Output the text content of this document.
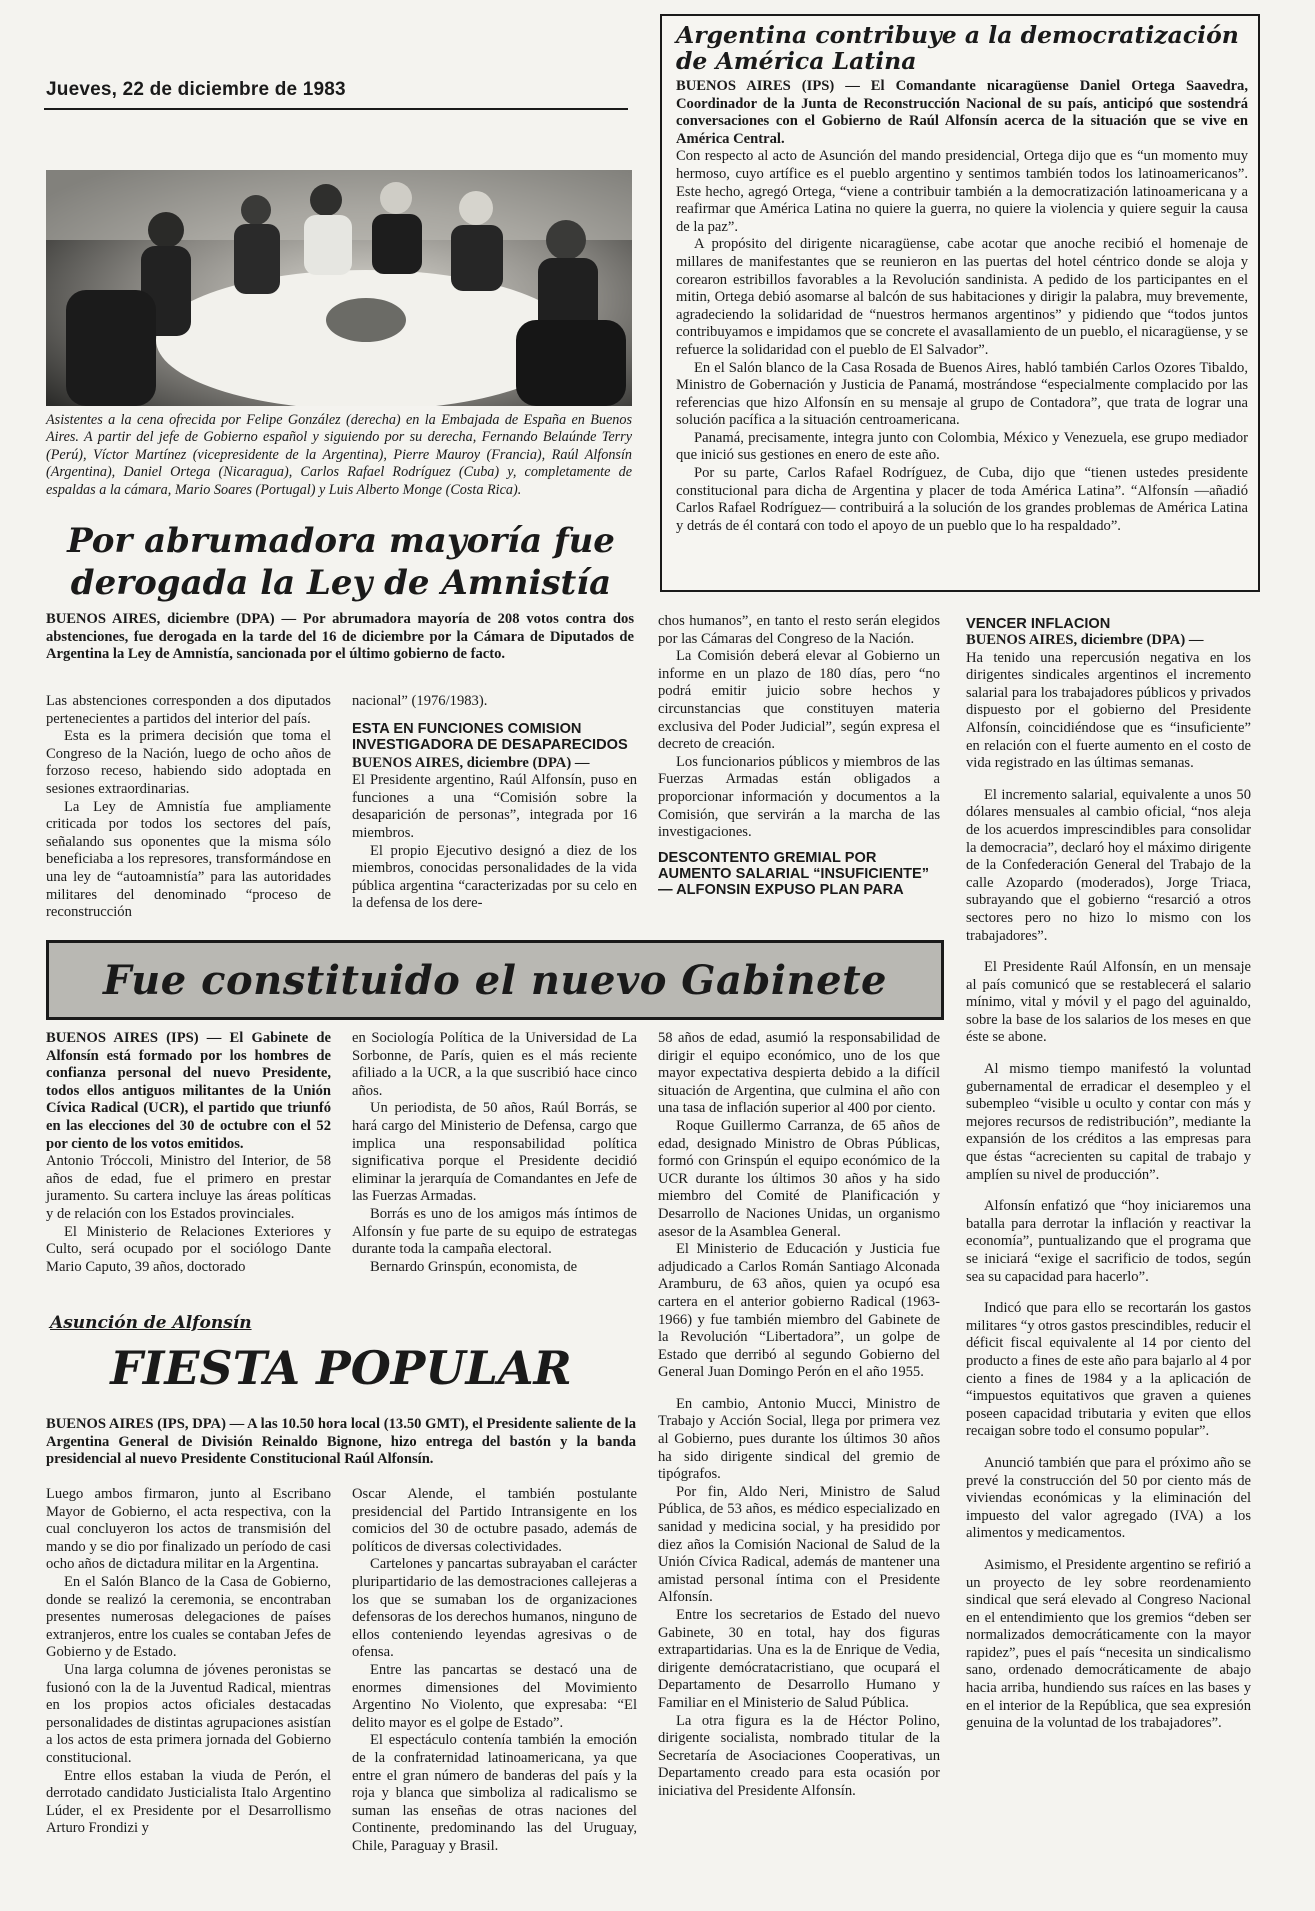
Jueves, 22 de diciembre de 1983
Asistentes a la cena ofrecida por Felipe González (derecha) en la Embajada de España en Buenos Aires. A partir del jefe de Gobierno español y siguiendo por su derecha, Fernando Belaúnde Terry (Perú), Víctor Martínez (vicepresidente de la Argentina), Pierre Mauroy (Francia), Raúl Alfonsín (Argentina), Daniel Ortega (Nicaragua), Carlos Rafael Rodríguez (Cuba) y, completamente de espaldas a la cámara, Mario Soares (Portugal) y Luis Alberto Monge (Costa Rica).
Argentina contribuye a la democratización de América Latina

BUENOS AIRES (IPS) — El Comandante nicaragüense Daniel Ortega Saavedra, Coordinador de la Junta de Reconstrucción Nacional de su país, anticipó que sostendrá conversaciones con el Gobierno de Raúl Alfonsín acerca de la situación que se vive en América Central.

Con respecto al acto de Asunción del mando presidencial, Ortega dijo que es “un momento muy hermoso, cuyo artífice es el pueblo argentino y sentimos también todos los latinoamericanos”. Este hecho, agregó Ortega, “viene a contribuir también a la democratización latinoamericana y a reafirmar que América Latina no quiere la guerra, no quiere la violencia y quiere seguir la causa de la paz”.

A propósito del dirigente nicaragüense, cabe acotar que anoche recibió el homenaje de millares de manifestantes que se reunieron en las puertas del hotel céntrico donde se aloja y corearon estribillos favorables a la Revolución sandinista. A pedido de los participantes en el mitin, Ortega debió asomarse al balcón de sus habitaciones y dirigir la palabra, muy brevemente, agradeciendo la solidaridad de “nuestros hermanos argentinos” y pidiendo que “todos juntos contribuyamos e impidamos que se concrete el avasallamiento de un pueblo, el nicaragüense, y se refuerce la solidaridad con el pueblo de El Salvador”.

En el Salón blanco de la Casa Rosada de Buenos Aires, habló también Carlos Ozores Tibaldo, Ministro de Gobernación y Justicia de Panamá, mostrándose “especialmente complacido por las referencias que hizo Alfonsín en su mensaje al grupo de Contadora”, que trata de lograr una solución pacífica a la situación centroamericana.

Panamá, precisamente, integra junto con Colombia, México y Venezuela, ese grupo mediador que inició sus gestiones en enero de este año.

Por su parte, Carlos Rafael Rodríguez, de Cuba, dijo que “tienen ustedes presidente constitucional para dicha de Argentina y placer de toda América Latina”. “Alfonsín —añadió Carlos Rafael Rodríguez— contribuirá a la solución de los grandes problemas de América Latina y detrás de él contará con todo el apoyo de un pueblo que lo ha respaldado”.

Por abrumadora mayoría fue derogada la Ley de Amnistía

BUENOS AIRES, diciembre (DPA) — Por abrumadora mayoría de 208 votos contra dos abstenciones, fue derogada en la tarde del 16 de diciembre por la Cámara de Diputados de Argentina la Ley de Amnistía, sancionada por el último gobierno de facto.

Las abstenciones corresponden a dos diputados pertenecientes a partidos del interior del país.

Esta es la primera decisión que toma el Congreso de la Nación, luego de ocho años de forzoso receso, habiendo sido adoptada en sesiones extraordinarias.

La Ley de Amnistía fue ampliamente criticada por todos los sectores del país, señalando sus oponentes que la misma sólo beneficiaba a los represores, transformándose en una ley de “autoamnistía” para las autoridades militares del denominado “proceso de reconstrucción

nacional” (1976/1983).

ESTA EN FUNCIONES COMISION INVESTIGADORA DE DESAPARECIDOS

BUENOS AIRES, diciembre (DPA) —

El Presidente argentino, Raúl Alfonsín, puso en funciones a una “Comisión sobre la desaparición de personas”, integrada por 16 miembros.

El propio Ejecutivo designó a diez de los miembros, conocidas personalidades de la vida pública argentina “caracterizadas por su celo en la defensa de los dere-

chos humanos”, en tanto el resto serán elegidos por las Cámaras del Congreso de la Nación.

La Comisión deberá elevar al Gobierno un informe en un plazo de 180 días, pero “no podrá emitir juicio sobre hechos y circunstancias que constituyen materia exclusiva del Poder Judicial”, según expresa el decreto de creación.

Los funcionarios públicos y miembros de las Fuerzas Armadas están obligados a proporcionar información y documentos a la Comisión, que servirán a la marcha de las investigaciones.

DESCONTENTO GREMIAL POR AUMENTO SALARIAL “INSUFICIENTE” — ALFONSIN EXPUSO PLAN PARA

VENCER INFLACION

BUENOS AIRES, diciembre (DPA) —

Ha tenido una repercusión negativa en los dirigentes sindicales argentinos el incremento salarial para los trabajadores públicos y privados dispuesto por el gobierno del Presidente Alfonsín, coincidiéndose que es “insuficiente” en relación con el fuerte aumento en el costo de vida registrado en las últimas semanas.

El incremento salarial, equivalente a unos 50 dólares mensuales al cambio oficial, “nos aleja de los acuerdos imprescindibles para consolidar la democracia”, declaró hoy el máximo dirigente de la Confederación General del Trabajo de la calle Azopardo (moderados), Jorge Triaca, subrayando que el gobierno “resarció a otros sectores pero no hizo lo mismo con los trabajadores”.

El Presidente Raúl Alfonsín, en un mensaje al país comunicó que se restablecerá el salario mínimo, vital y móvil y el pago del aguinaldo, sobre la base de los salarios de los meses en que éste se abone.

Al mismo tiempo manifestó la voluntad gubernamental de erradicar el desempleo y el subempleo “visible u oculto y contar con más y mejores recursos de redistribución”, mediante la expansión de los créditos a las empresas para que éstas “acrecienten su capital de trabajo y amplíen su nivel de producción”.

Alfonsín enfatizó que “hoy iniciaremos una batalla para derrotar la inflación y reactivar la economía”, puntualizando que el programa que se iniciará “exige el sacrificio de todos, según sea su capacidad para hacerlo”.

Indicó que para ello se recortarán los gastos militares “y otros gastos prescindibles, reducir el déficit fiscal equivalente al 14 por ciento del producto a fines de este año para bajarlo al 4 por ciento a fines de 1984 y a la aplicación de “impuestos equitativos que graven a quienes poseen capacidad tributaria y eviten que ellos recaigan sobre todo el consumo popular”.

Anunció también que para el próximo año se prevé la construcción del 50 por ciento más de viviendas económicas y la eliminación del impuesto del valor agregado (IVA) a los alimentos y medicamentos.

Asimismo, el Presidente argentino se refirió a un proyecto de ley sobre reordenamiento sindical que será elevado al Congreso Nacional en el entendimiento que los gremios “deben ser normalizados democráticamente con la mayor rapidez”, pues el país “necesita un sindicalismo sano, ordenado democráticamente de abajo hacia arriba, hundiendo sus raíces en las bases y en el interior de la República, que sea expresión genuina de la voluntad de los trabajadores”.

Fue constituido el nuevo Gabinete

BUENOS AIRES (IPS) — El Gabinete de Alfonsín está formado por los hombres de confianza personal del nuevo Presidente, todos ellos antiguos militantes de la Unión Cívica Radical (UCR), el partido que triunfó en las elecciones del 30 de octubre con el 52 por ciento de los votos emitidos.

Antonio Tróccoli, Ministro del Interior, de 58 años de edad, fue el primero en prestar juramento. Su cartera incluye las áreas políticas y de relación con los Estados provinciales.

El Ministerio de Relaciones Exteriores y Culto, será ocupado por el sociólogo Dante Mario Caputo, 39 años, doctorado

en Sociología Política de la Universidad de La Sorbonne, de París, quien es el más reciente afiliado a la UCR, a la que suscribió hace cinco años.

Un periodista, de 50 años, Raúl Borrás, se hará cargo del Ministerio de Defensa, cargo que implica una responsabilidad política significativa porque el Presidente decidió eliminar la jerarquía de Comandantes en Jefe de las Fuerzas Armadas.

Borrás es uno de los amigos más íntimos de Alfonsín y fue parte de su equipo de estrategas durante toda la campaña electoral.

Bernardo Grinspún, economista, de

58 años de edad, asumió la responsabilidad de dirigir el equipo económico, uno de los que mayor expectativa despierta debido a la difícil situación de Argentina, que culmina el año con una tasa de inflación superior al 400 por ciento.

Roque Guillermo Carranza, de 65 años de edad, designado Ministro de Obras Públicas, formó con Grinspún el equipo económico de la UCR durante los últimos 30 años y ha sido miembro del Comité de Planificación y Desarrollo de Naciones Unidas, un organismo asesor de la Asamblea General.

El Ministerio de Educación y Justicia fue adjudicado a Carlos Román Santiago Alconada Aramburu, de 63 años, quien ya ocupó esa cartera en el anterior gobierno Radical (1963-1966) y fue también miembro del Gabinete de la Revolución “Libertadora”, un golpe de Estado que derribó al segundo Gobierno del General Juan Domingo Perón en el año 1955.

En cambio, Antonio Mucci, Ministro de Trabajo y Acción Social, llega por primera vez al Gobierno, pues durante los últimos 30 años ha sido dirigente sindical del gremio de tipógrafos.

Por fin, Aldo Neri, Ministro de Salud Pública, de 53 años, es médico especializado en sanidad y medicina social, y ha presidido por diez años la Comisión Nacional de Salud de la Unión Cívica Radical, además de mantener una amistad personal íntima con el Presidente Alfonsín.

Entre los secretarios de Estado del nuevo Gabinete, 30 en total, hay dos figuras extrapartidarias. Una es la de Enrique de Vedia, dirigente demócratacristiano, que ocupará el Departamento de Desarrollo Humano y Familiar en el Ministerio de Salud Pública.

La otra figura es la de Héctor Polino, dirigente socialista, nombrado titular de la Secretaría de Asociaciones Cooperativas, un Departamento creado para esta ocasión por iniciativa del Presidente Alfonsín.

Asunción de Alfonsín
FIESTA POPULAR

BUENOS AIRES (IPS, DPA) — A las 10.50 hora local (13.50 GMT), el Presidente saliente de la Argentina General de División Reinaldo Bignone, hizo entrega del bastón y la banda presidencial al nuevo Presidente Constitucional Raúl Alfonsín.

Luego ambos firmaron, junto al Escribano Mayor de Gobierno, el acta respectiva, con la cual concluyeron los actos de transmisión del mando y se dio por finalizado un período de casi ocho años de dictadura militar en la Argentina.

En el Salón Blanco de la Casa de Gobierno, donde se realizó la ceremonia, se encontraban presentes numerosas delegaciones de países extranjeros, entre los cuales se contaban Jefes de Gobierno y de Estado.

Una larga columna de jóvenes peronistas se fusionó con la de la Juventud Radical, mientras en los propios actos oficiales destacadas personalidades de distintas agrupaciones asistían a los actos de esta primera jornada del Gobierno constitucional.

Entre ellos estaban la viuda de Perón, el derrotado candidato Justicialista Italo Argentino Lúder, el ex Presidente por el Desarrollismo Arturo Frondizi y

Oscar Alende, el también postulante presidencial del Partido Intransigente en los comicios del 30 de octubre pasado, además de políticos de diversas colectividades.

Cartelones y pancartas subrayaban el carácter pluripartidario de las demostraciones callejeras a los que se sumaban los de organizaciones defensoras de los derechos humanos, ninguno de ellos conteniendo leyendas agresivas o de ofensa.

Entre las pancartas se destacó una de enormes dimensiones del Movimiento Argentino No Violento, que expresaba: “El delito mayor es el golpe de Estado”.

El espectáculo contenía también la emoción de la confraternidad latinoamericana, ya que entre el gran número de banderas del país y la roja y blanca que simboliza al radicalismo se suman las enseñas de otras naciones del Continente, predominando las del Uruguay, Chile, Paraguay y Brasil.
